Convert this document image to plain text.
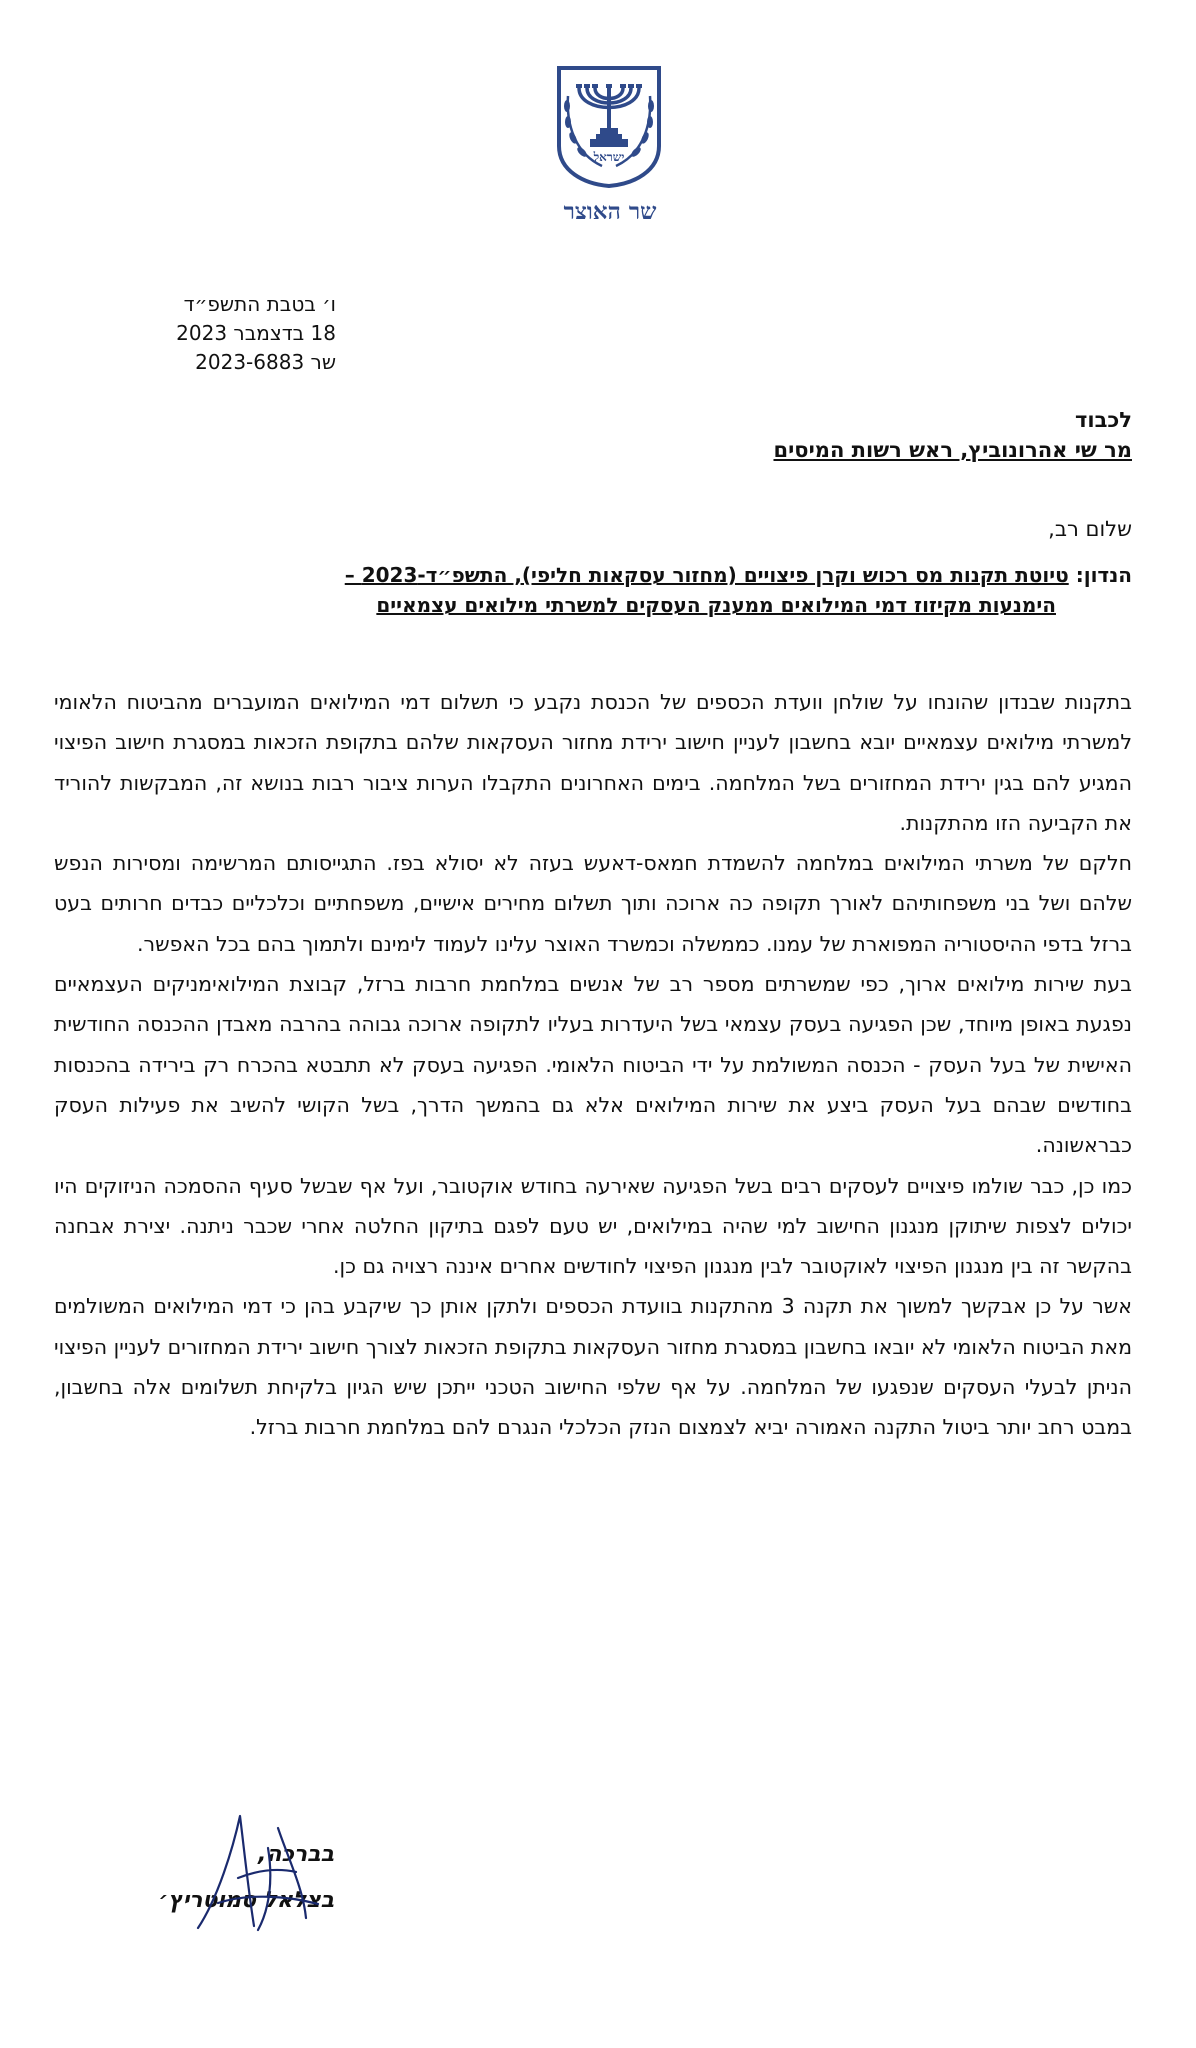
ישראל
שר האוצר
ו׳ בטבת התשפ״ד
18 בדצמבר 2023
שר 2023-6883
לכבוד
מר שי אהרונוביץ, ראש רשות המיסים
שלום רב,
הנדון: טיוטת תקנות מס רכוש וקרן פיצויים (מחזור עסקאות חליפי), התשפ״ד-2023 –
הימנעות מקיזוז דמי המילואים ממענק העסקים למשרתי מילואים עצמאיים

בתקנות שבנדון שהונחו על שולחן וועדת הכספים של הכנסת נקבע כי תשלום דמי המילואים המועברים מהביטוח הלאומי למשרתי מילואים עצמאיים יובא בחשבון לעניין חישוב ירידת מחזור העסקאות שלהם בתקופת הזכאות במסגרת חישוב הפיצוי המגיע להם בגין ירידת המחזורים בשל המלחמה. בימים האחרונים התקבלו הערות ציבור רבות בנושא זה, המבקשות להוריד את הקביעה הזו מהתקנות.

חלקם של משרתי המילואים במלחמה להשמדת חמאס-דאעש בעזה לא יסולא בפז. התגייסותם המרשימה ומסירות הנפש שלהם ושל בני משפחותיהם לאורך תקופה כה ארוכה ותוך תשלום מחירים אישיים, משפחתיים וכלכליים כבדים חרותים בעט ברזל בדפי ההיסטוריה המפוארת של עמנו. כממשלה וכמשרד האוצר עלינו לעמוד לימינם ולתמוך בהם בכל האפשר.

בעת שירות מילואים ארוך, כפי שמשרתים מספר רב של אנשים במלחמת חרבות ברזל, קבוצת המילואימניקים העצמאיים נפגעת באופן מיוחד, שכן הפגיעה בעסק עצמאי בשל היעדרות בעליו לתקופה ארוכה גבוהה בהרבה מאבדן ההכנסה החודשית האישית של בעל העסק - הכנסה המשולמת על ידי הביטוח הלאומי. הפגיעה בעסק לא תתבטא בהכרח רק בירידה בהכנסות בחודשים שבהם בעל העסק ביצע את שירות המילואים אלא גם בהמשך הדרך, בשל הקושי להשיב את פעילות העסק כבראשונה.

כמו כן, כבר שולמו פיצויים לעסקים רבים בשל הפגיעה שאירעה בחודש אוקטובר, ועל אף שבשל סעיף ההסמכה הניזוקים היו יכולים לצפות שיתוקן מנגנון החישוב למי שהיה במילואים, יש טעם לפגם בתיקון החלטה אחרי שכבר ניתנה. יצירת אבחנה בהקשר זה בין מנגנון הפיצוי לאוקטובר לבין מנגנון הפיצוי לחודשים אחרים איננה רצויה גם כן.

אשר על כן אבקשך למשוך את תקנה 3 מהתקנות בוועדת הכספים ולתקן אותן כך שיקבע בהן כי דמי המילואים המשולמים מאת הביטוח הלאומי לא יובאו בחשבון במסגרת מחזור העסקאות בתקופת הזכאות לצורך חישוב ירידת המחזורים לעניין הפיצוי הניתן לבעלי העסקים שנפגעו של המלחמה. על אף שלפי החישוב הטכני ייתכן שיש הגיון בלקיחת תשלומים אלה בחשבון, במבט רחב יותר ביטול התקנה האמורה יביא לצמצום הנזק הכלכלי הנגרם להם במלחמת חרבות ברזל.

בברכה,
בצלאל סמוטריץ׳
